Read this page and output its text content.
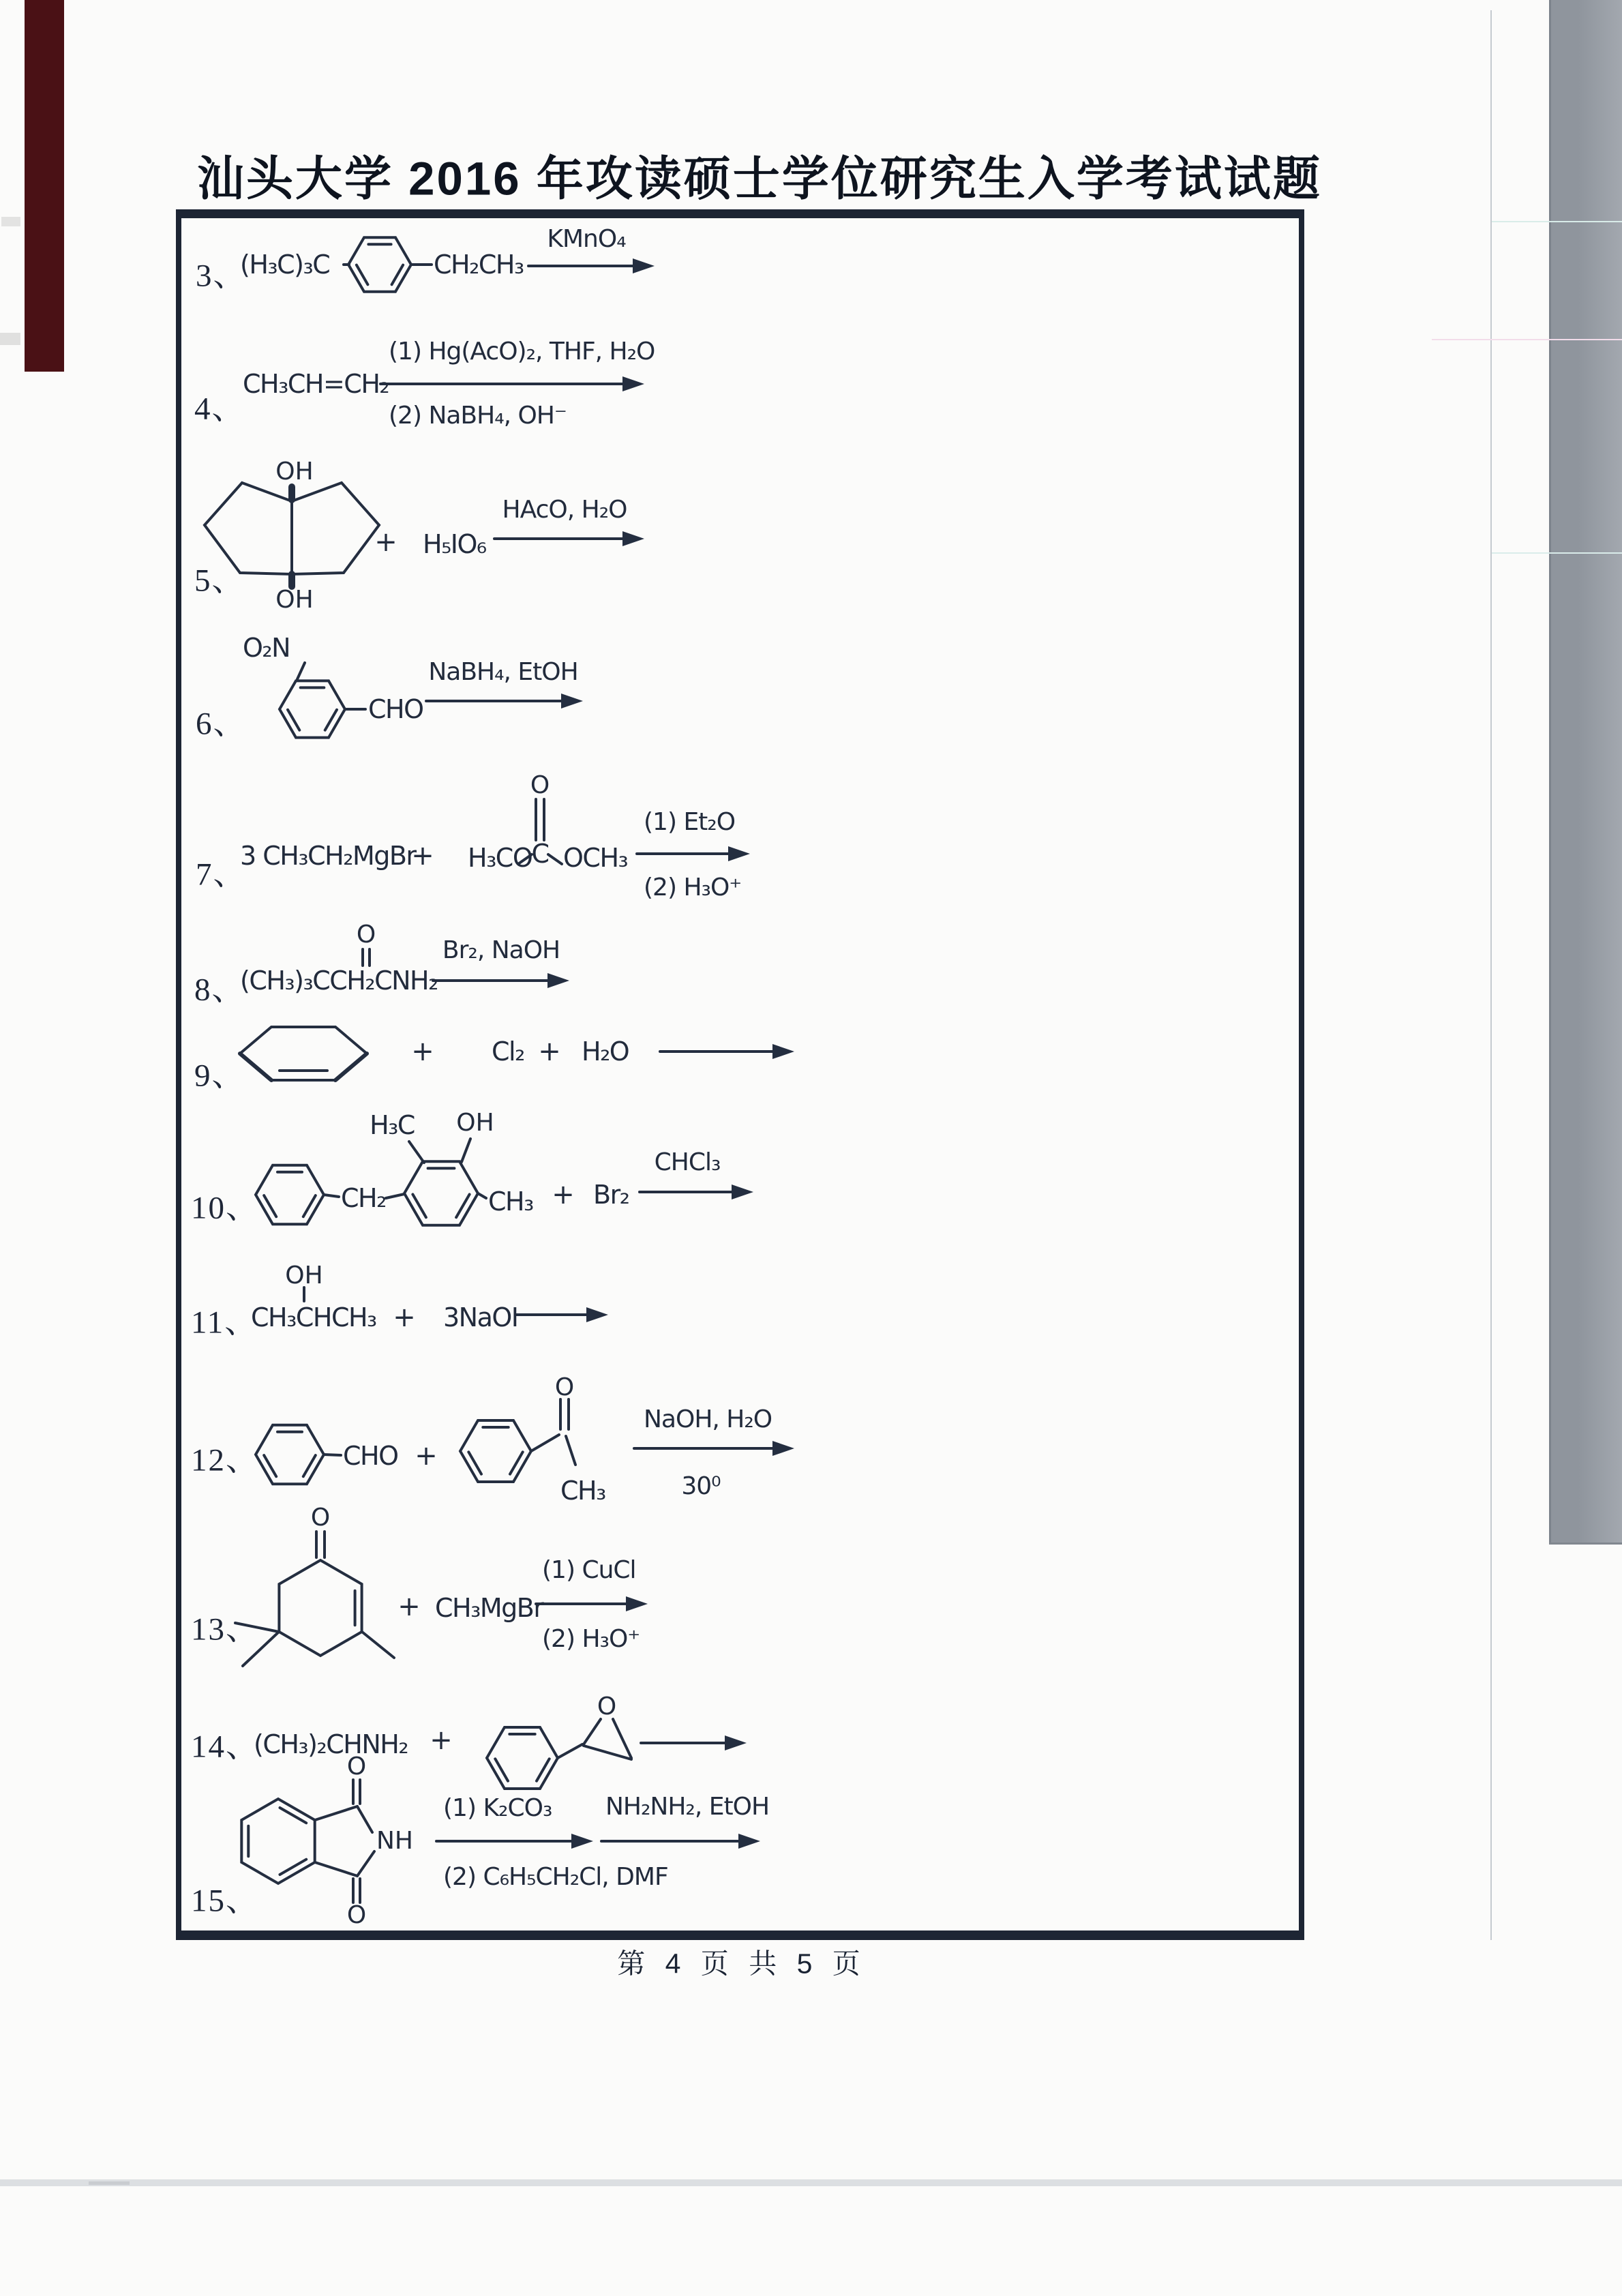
汕头大学 2016 年攻读硕士学位研究生入学考试试题
第 4 页 共 5 页
3、
(H₃C)₃C	CH₂CH₃
KMnO₄
4、
CH₃CH=CH₂
(1) Hg(AcO)₂, THF, H₂O
(2) NaBH₄, OH⁻
5、
OH
OH
+ H₅IO₆
HAcO, H₂O
6、
O₂N
CHO
NaBH₄, EtOH
7、
3 CH₃CH₂MgBr
+ H₃CO C OCH₃
O
(1) Et₂O
(2) H₃O⁺
8、
(CH₃)₃CCH₂CNH₂
O
Br₂, NaOH
9、
+ Cl₂ + H₂O
10、	CH₂
H₃C OH
CH₃ + Br₂
CHCl₃
11、
OH
CH₃CHCH₃ + 3NaOI
12、	CHO +
O
CH₃
NaOH, H₂O
30⁰
13、
O
+ CH₃MgBr
(1) CuCl
(2) H₃O⁺
14、
(CH₃)₂CHNH₂ +
O
15、
O
O
NH
(1) K₂CO₃
(2) C₆H₅CH₂Cl, DMF
NH₂NH₂, EtOH
